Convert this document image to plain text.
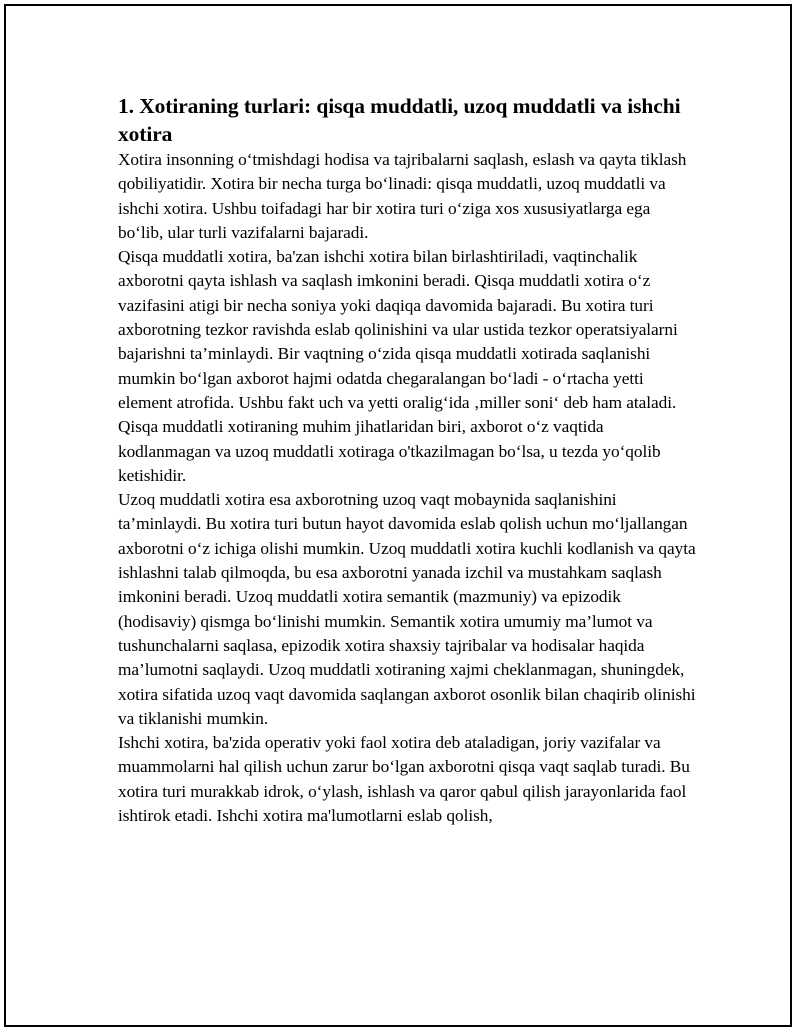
1. Xotiraning turlari: qisqa muddatli, uzoq muddatli va ishchi xotira

Xotira insonning o‘tmishdagi hodisa va tajribalarni saqlash, eslash va qayta tiklash qobiliyatidir. Xotira bir necha turga bo‘linadi: qisqa muddatli, uzoq muddatli va ishchi xotira. Ushbu toifadagi har bir xotira turi o‘ziga xos xususiyatlarga ega bo‘lib, ular turli vazifalarni bajaradi.

Qisqa muddatli xotira, ba'zan ishchi xotira bilan birlashtiriladi, vaqtinchalik axborotni qayta ishlash va saqlash imkonini beradi. Qisqa muddatli xotira o‘z vazifasini atigi bir necha soniya yoki daqiqa davomida bajaradi. Bu xotira turi axborotning tezkor ravishda eslab qolinishini va ular ustida tezkor operatsiyalarni bajarishni ta’minlaydi. Bir vaqtning o‘zida qisqa muddatli xotirada saqlanishi mumkin bo‘lgan axborot hajmi odatda chegaralangan bo‘ladi - o‘rtacha yetti element atrofida. Ushbu fakt uch va yetti oralig‘ida ‚miller soni‘ deb ham ataladi. Qisqa muddatli xotiraning muhim jihatlaridan biri, axborot o‘z vaqtida kodlanmagan va uzoq muddatli xotiraga o'tkazilmagan bo‘lsa, u tezda yo‘qolib ketishidir.

Uzoq muddatli xotira esa axborotning uzoq vaqt mobaynida saqlanishini ta’minlaydi. Bu xotira turi butun hayot davomida eslab qolish uchun mo‘ljallangan axborotni o‘z ichiga olishi mumkin. Uzoq muddatli xotira kuchli kodlanish va qayta ishlashni talab qilmoqda, bu esa axborotni yanada izchil va mustahkam saqlash imkonini beradi. Uzoq muddatli xotira semantik (mazmuniy) va epizodik (hodisaviy) qismga bo‘linishi mumkin. Semantik xotira umumiy ma’lumot va tushunchalarni saqlasa, epizodik xotira shaxsiy tajribalar va hodisalar haqida ma’lumotni saqlaydi. Uzoq muddatli xotiraning xajmi cheklanmagan, shuningdek, xotira sifatida uzoq vaqt davomida saqlangan axborot osonlik bilan chaqirib olinishi va tiklanishi mumkin.

Ishchi xotira, ba'zida operativ yoki faol xotira deb ataladigan, joriy vazifalar va muammolarni hal qilish uchun zarur bo‘lgan axborotni qisqa vaqt saqlab turadi. Bu xotira turi murakkab idrok, o‘ylash, ishlash va qaror qabul qilish jarayonlarida faol ishtirok etadi. Ishchi xotira ma'lumotlarni eslab qolish,
